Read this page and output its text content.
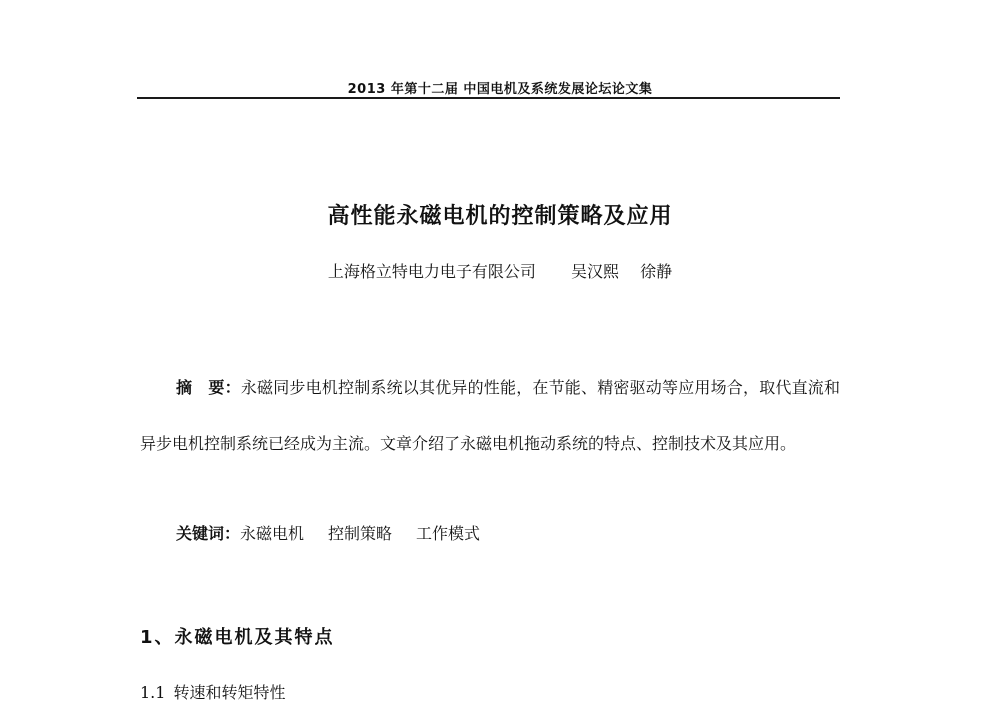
2013 年第十二届 中国电机及系统发展论坛论文集
高性能永磁电机的控制策略及应用
上海格立特电力电子有限公司 吴汉熙 徐静
摘　要：永磁同步电机控制系统以其优异的性能，在节能、精密驱动等应用场合，取代直流和异步电机控制系统已经成为主流。文章介绍了永磁电机拖动系统的特点、控制技术及其应用。
关键词：永磁电机 控制策略 工作模式
1、永磁电机及其特点
1.1 转速和转矩特性
